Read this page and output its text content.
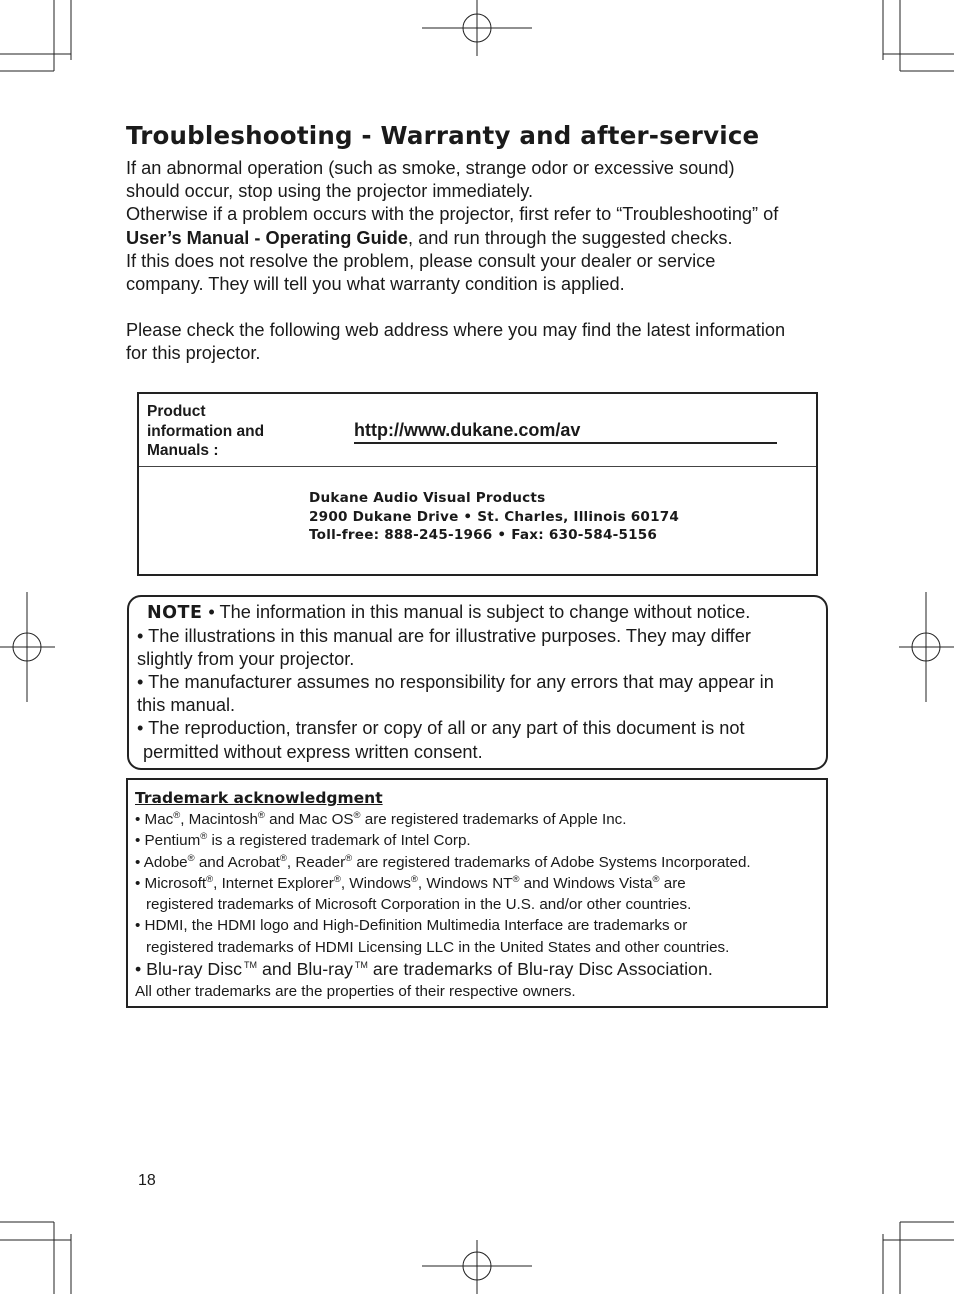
Troubleshooting - Warranty and after-service

If an abnormal operation (such as smoke, strange odor or excessive sound)

should occur, stop using the projector immediately.

Otherwise if a problem occurs with the projector, first refer to “Troubleshooting” of

User’s Manual - Operating Guide, and run through the suggested checks.

If this does not resolve the problem, please consult your dealer or service

company. They will tell you what warranty condition is applied.

Please check the following web address where you may find the latest information

for this projector.

Product
information and
Manuals :
http://www.dukane.com/av
Dukane Audio Visual Products
2900 Dukane Drive • St. Charles, Illinois 60174
Toll-free: 888-245-1966 • Fax: 630-584-5156

NOTE • The information in this manual is subject to change without notice.

• The illustrations in this manual are for illustrative purposes. They may differ

slightly from your projector.

• The manufacturer assumes no responsibility for any errors that may appear in

this manual.

• The reproduction, transfer or copy of all or any part of this document is not

permitted without express written consent.

Trademark acknowledgment

• Mac®, Macintosh® and Mac OS® are registered trademarks of Apple Inc.

• Pentium® is a registered trademark of Intel Corp.

• Adobe® and Acrobat®, Reader® are registered trademarks of Adobe Systems Incorporated.

• Microsoft®, Internet Explorer®, Windows®, Windows NT® and Windows Vista® are

registered trademarks of Microsoft Corporation in the U.S. and/or other countries.

• HDMI, the HDMI logo and High-Definition Multimedia Interface are trademarks or

registered trademarks of HDMI Licensing LLC in the United States and other countries.

• Blu-ray Disc ™ and Blu-ray ™ are trademarks of Blu-ray Disc Association.

All other trademarks are the properties of their respective owners.

18
